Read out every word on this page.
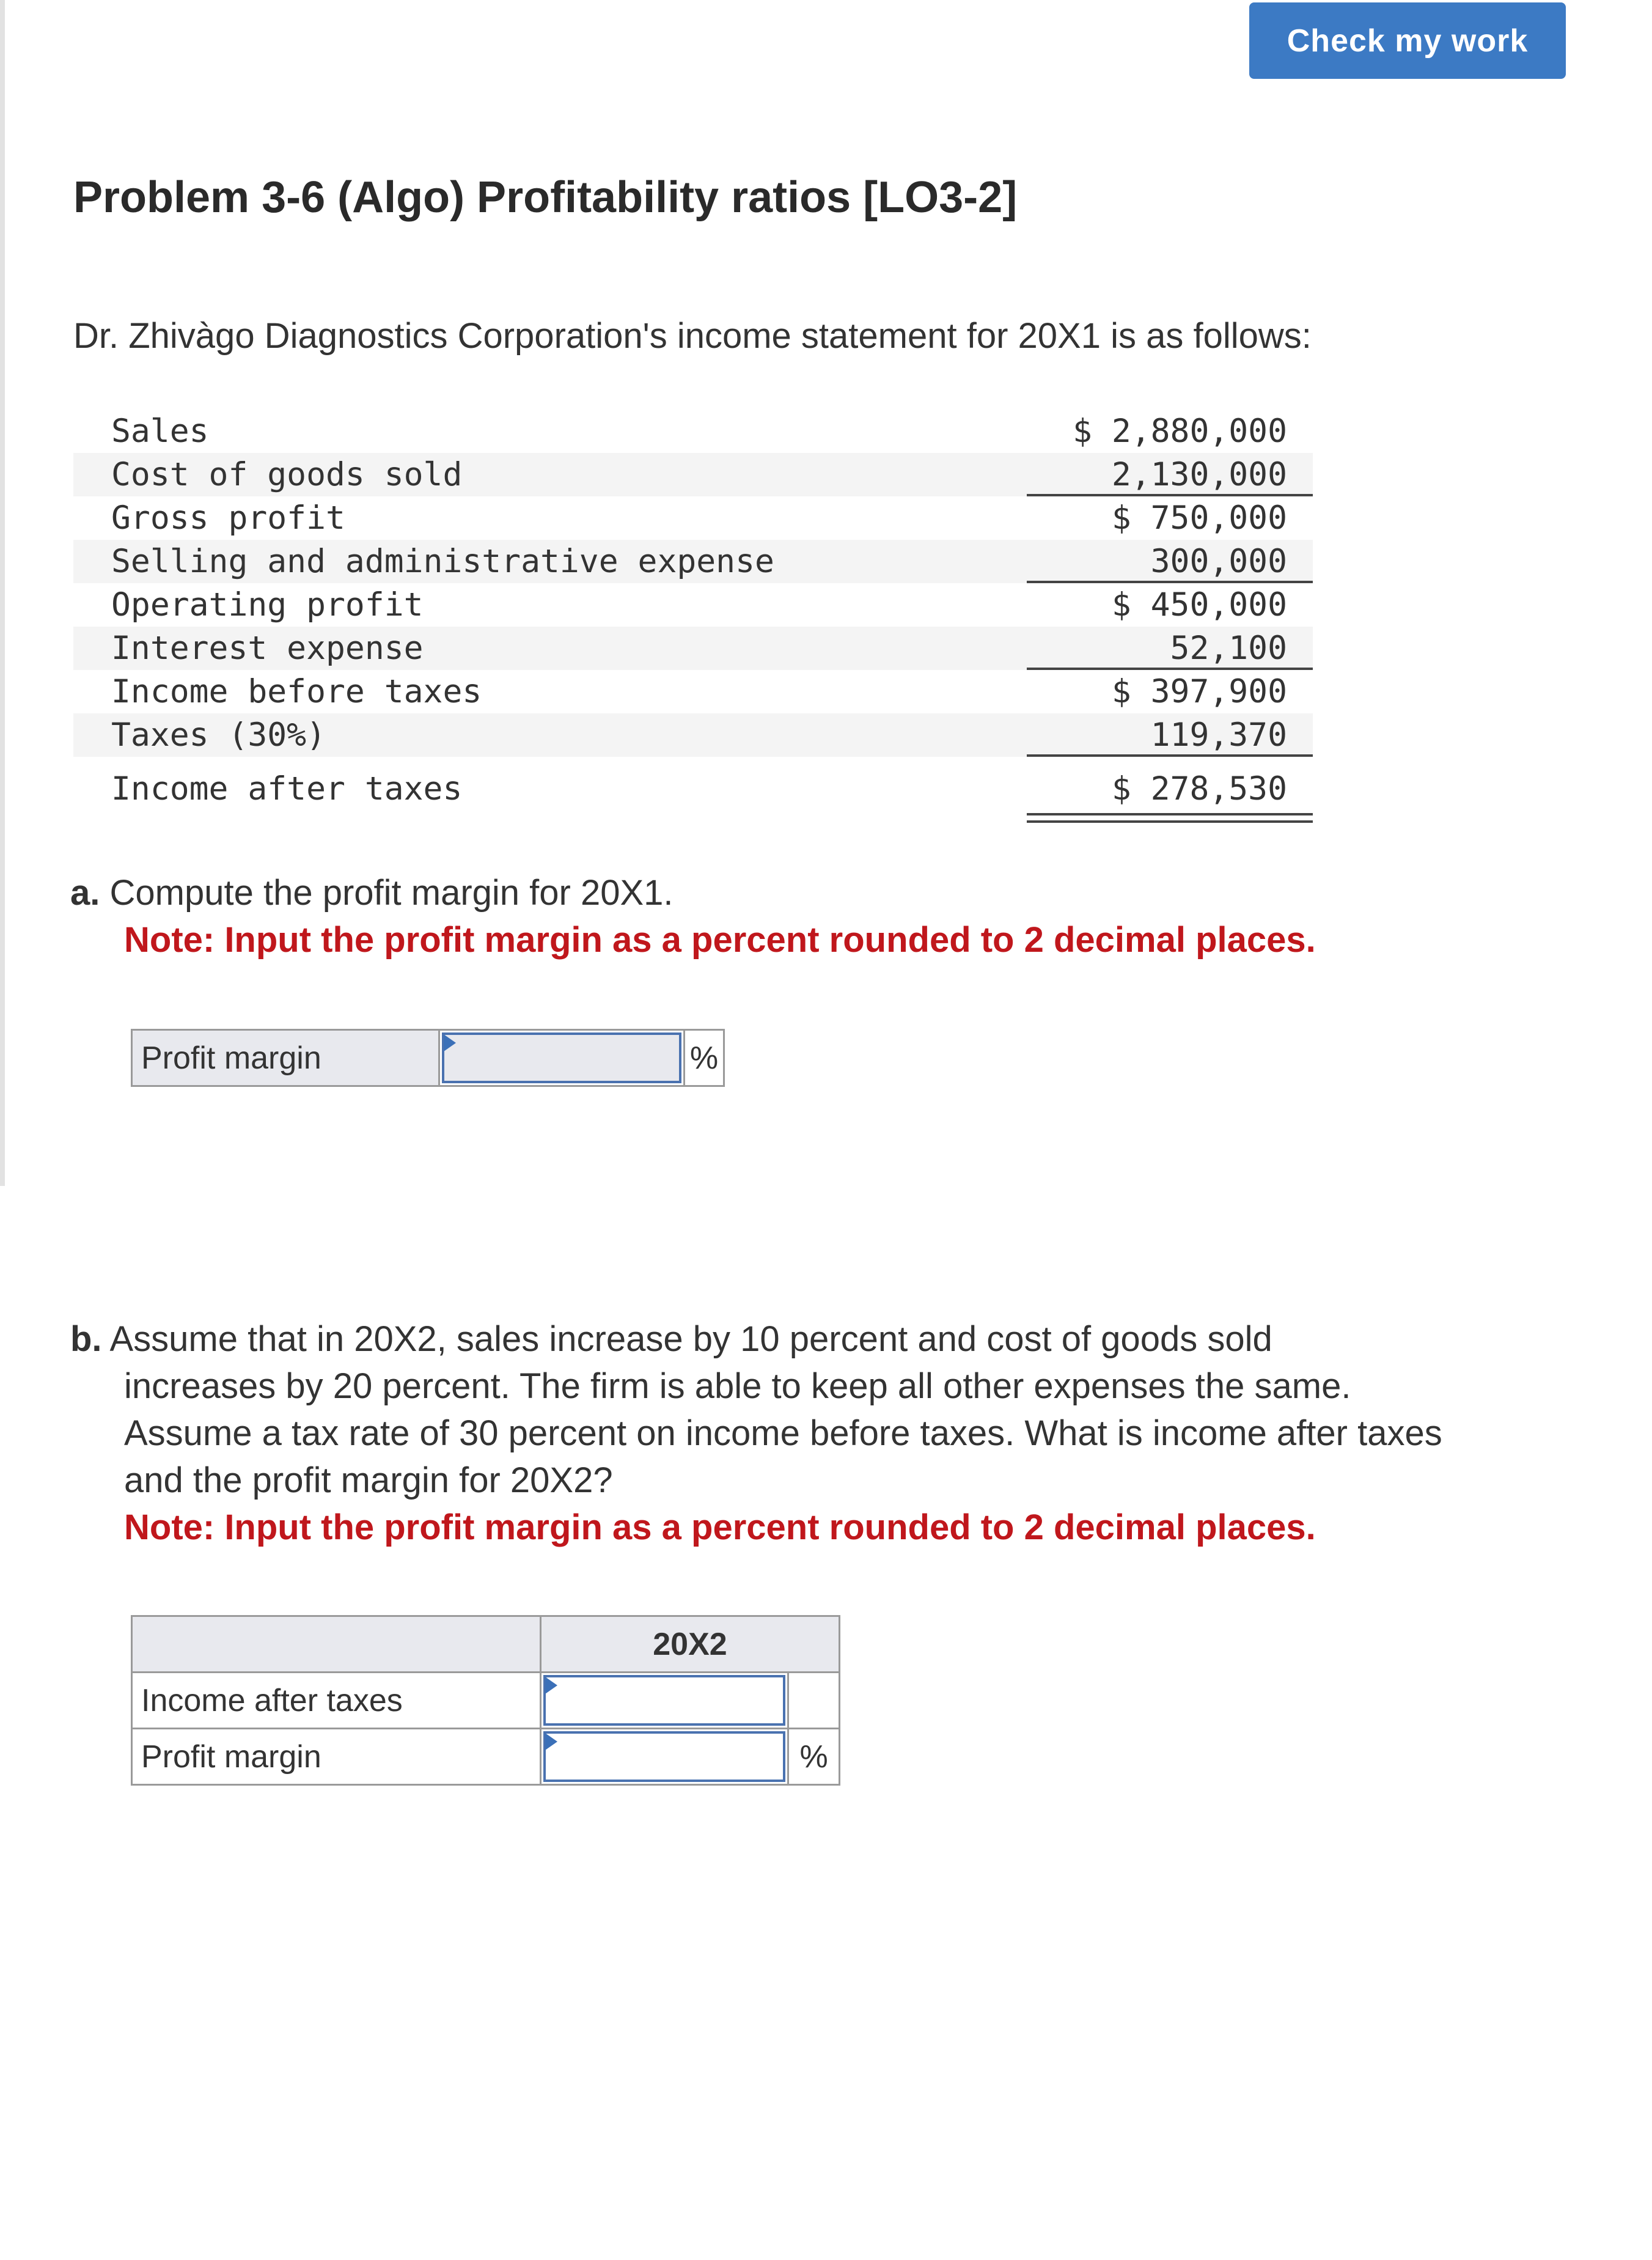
Check my work
Problem 3-6 (Algo) Profitability ratios [LO3-2]
Dr. Zhivàgo Diagnostics Corporation's income statement for 20X1 is as follows:
Sales	$ 2,880,000
Cost of goods sold	2,130,000
Gross profit	$ 750,000
Selling and administrative expense	300,000
Operating profit	$ 450,000
Interest expense	52,100
Income before taxes	$ 397,900
Taxes (30%)	119,370
Income after taxes	$ 278,530
a. Compute the profit margin for 20X1.
Note: Input the profit margin as a percent rounded to 2 decimal places.
Profit margin		%
b. Assume that in 20X2, sales increase by 10 percent and cost of goods sold
increases by 20 percent. The firm is able to keep all other expenses the same.
Assume a tax rate of 30 percent on income before taxes. What is income after taxes
and the profit margin for 20X2?
Note: Input the profit margin as a percent rounded to 2 decimal places.
	20X2	
Income after taxes	

Profit margin		%
